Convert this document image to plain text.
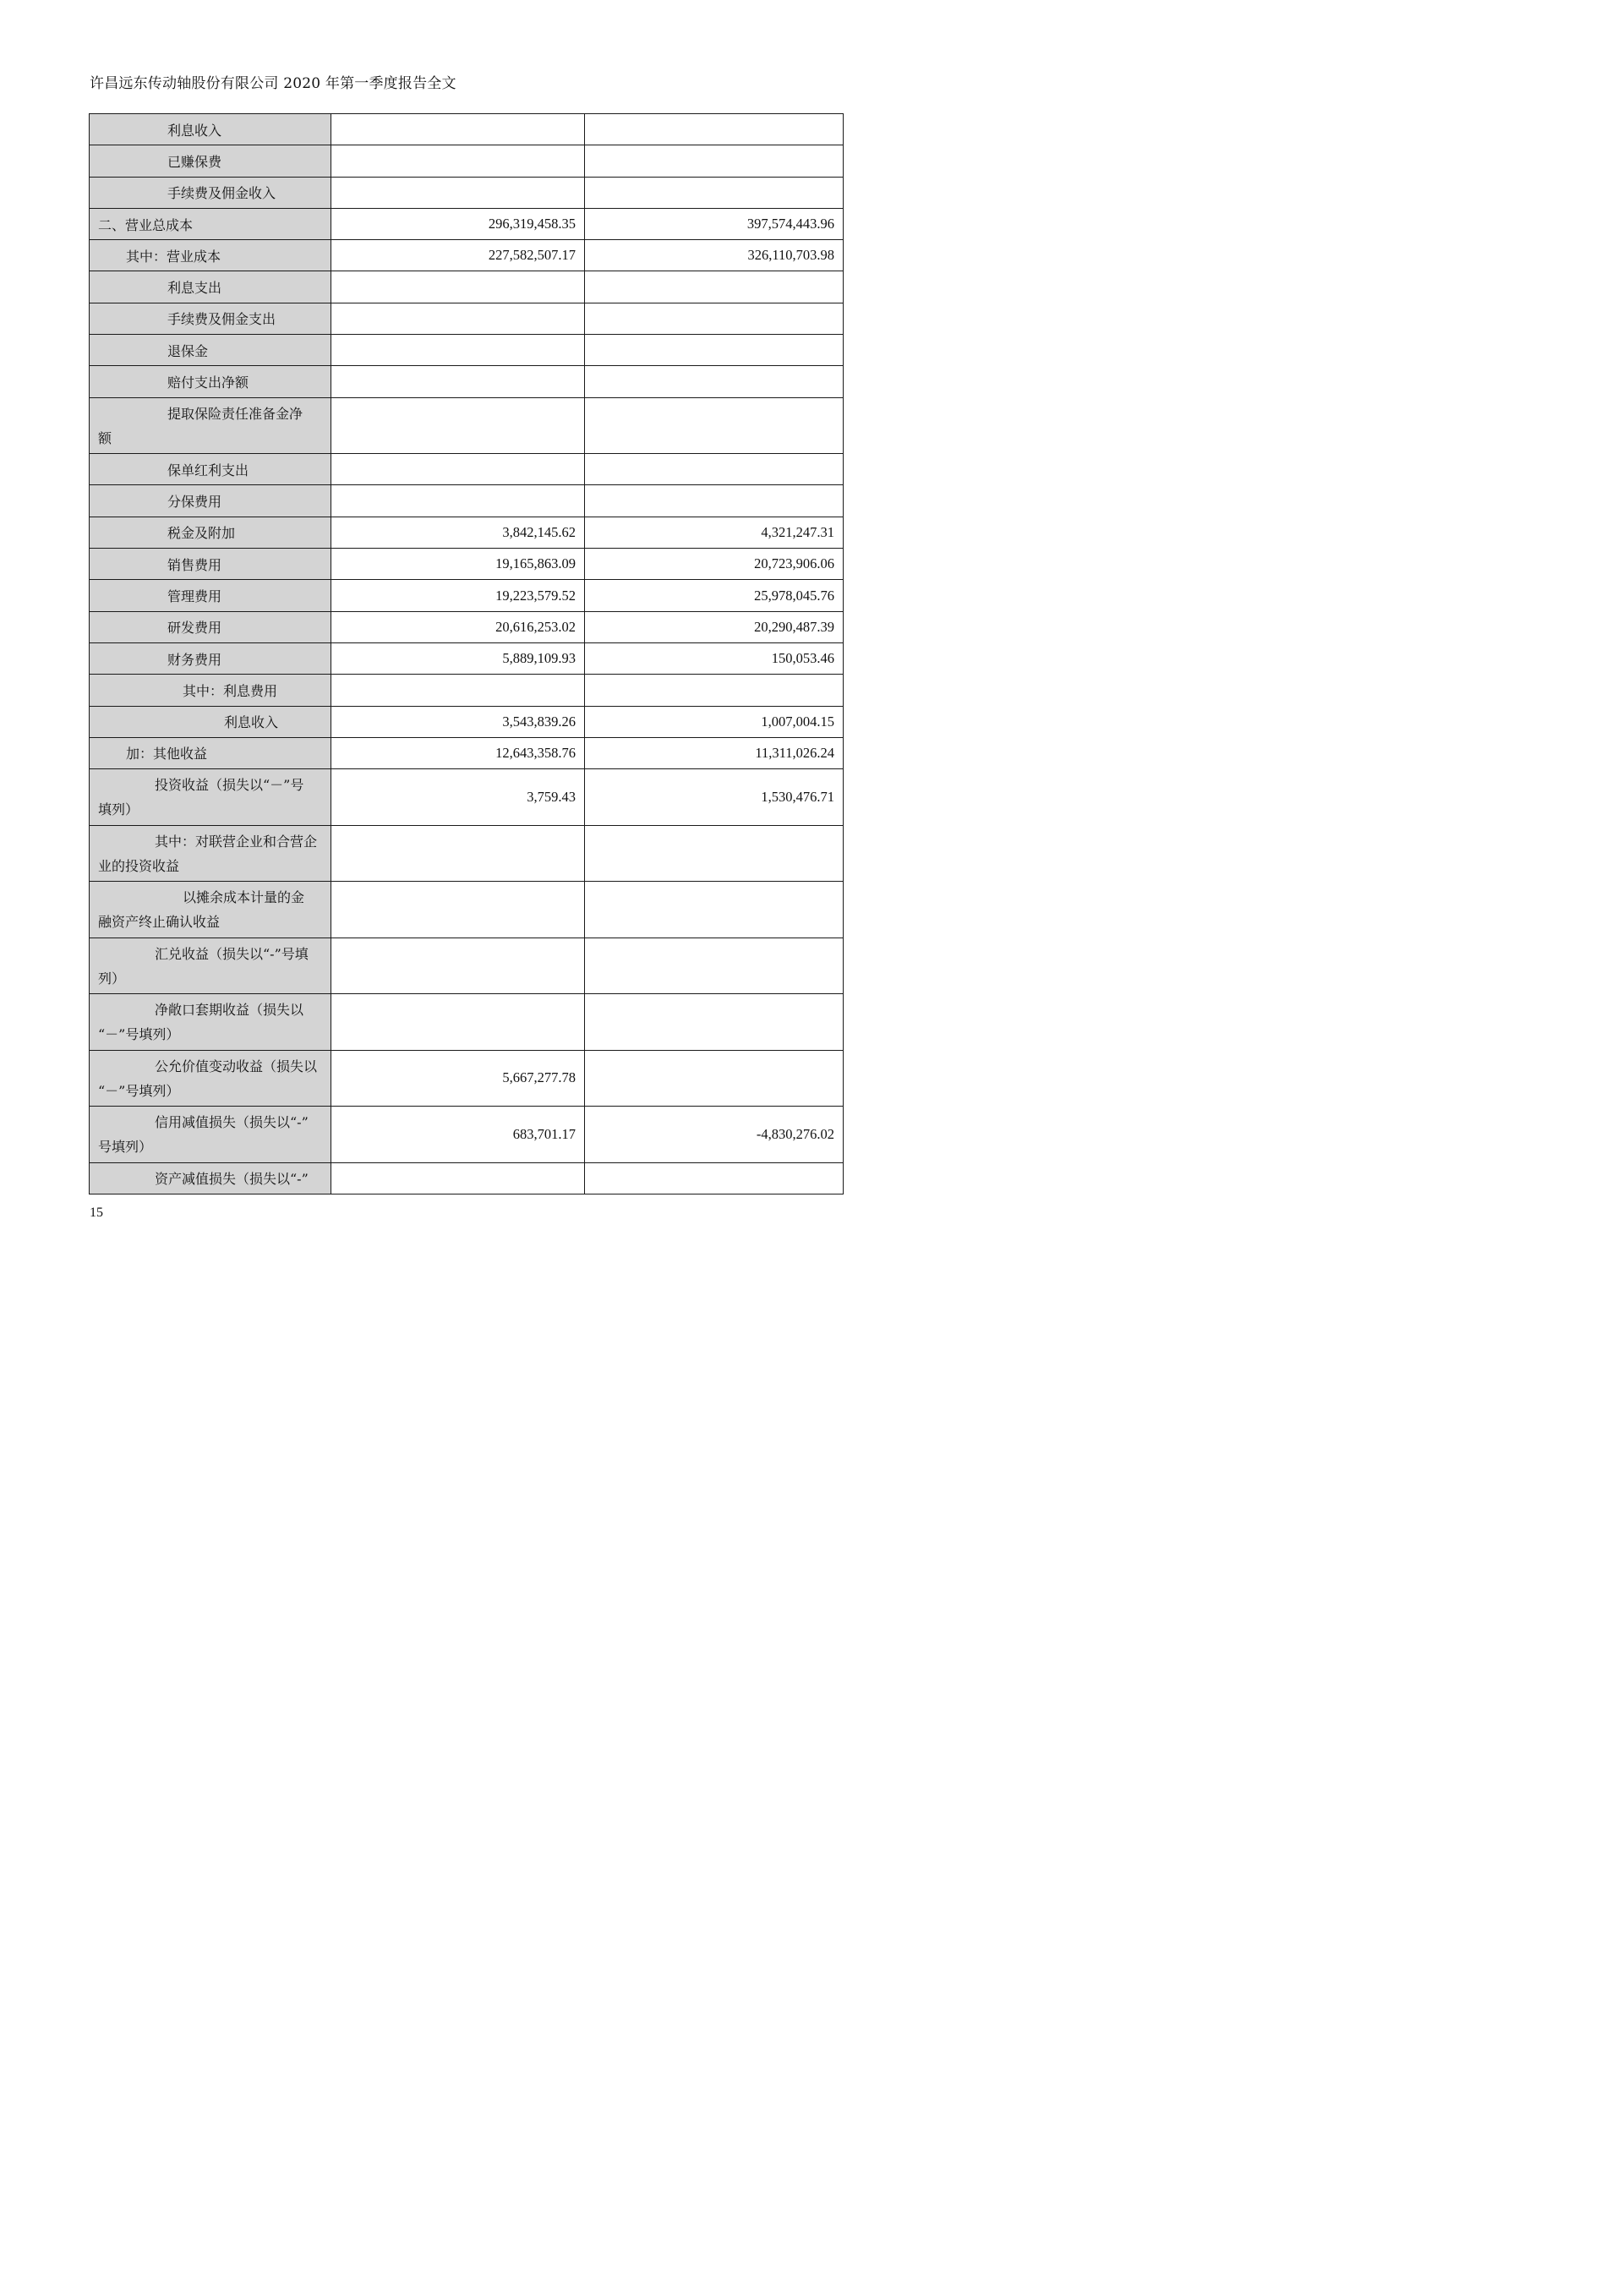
许昌远东传动轴股份有限公司 2020 年第一季度报告全文
利息收入		

已赚保费		

手续费及佣金收入		

二、营业总成本	296,319,458.35	397,574,443.96

其中：营业成本	227,582,507.17	326,110,703.98

利息支出		

手续费及佣金支出		

退保金		

赔付支出净额		

提取保险责任准备金净
额		

保单红利支出		

分保费用		

税金及附加	3,842,145.62	4,321,247.31

销售费用	19,165,863.09	20,723,906.06

管理费用	19,223,579.52	25,978,045.76

研发费用	20,616,253.02	20,290,487.39

财务费用	5,889,109.93	150,053.46

其中：利息费用		

利息收入	3,543,839.26	1,007,004.15

加：其他收益	12,643,358.76	11,311,026.24

投资收益（损失以“－”号
填列）	3,759.43	1,530,476.71

其中：对联营企业和合营企
业的投资收益		

以摊余成本计量的金
融资产终止确认收益		

汇兑收益（损失以“-”号填
列）		

净敞口套期收益（损失以
“－”号填列）		

公允价值变动收益（损失以
“－”号填列）	5,667,277.78	

信用减值损失（损失以“-”
号填列）	683,701.17	-4,830,276.02

资产减值损失（损失以“-”		

15
